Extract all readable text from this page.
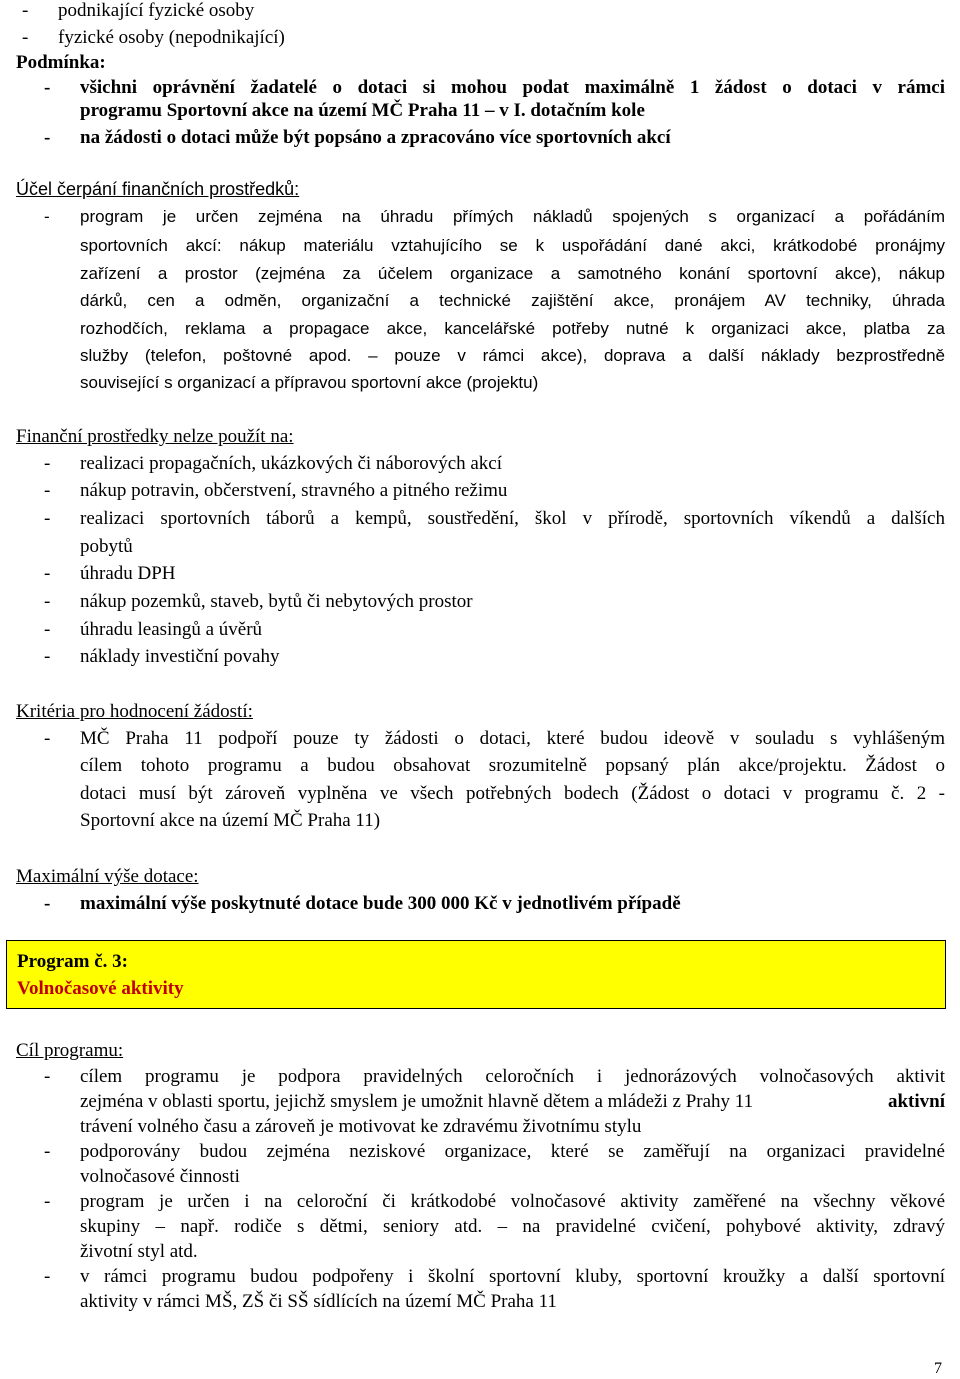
- podnikající fyzické osoby
- fyzické osoby (nepodnikající)
Podmínka:
- všichni oprávnění žadatelé o dotaci si mohou podat maximálně 1 žádost o dotaci v rámci
programu Sportovní akce na území MČ Praha 11 – v I. dotačním kole
- na žádosti o dotaci může být popsáno a zpracováno více sportovních akcí
Účel čerpání finančních prostředků:
- program je určen zejména na úhradu přímých nákladů spojených s organizací a pořádáním
sportovních akcí: nákup materiálu vztahujícího se k uspořádání dané akci, krátkodobé pronájmy
zařízení a prostor (zejména za účelem organizace a samotného konání sportovní akce), nákup
dárků, cen a odměn, organizační a technické zajištění akce, pronájem AV techniky, úhrada
rozhodčích, reklama a propagace akce, kancelářské potřeby nutné k organizaci akce, platba za
služby (telefon, poštovné apod. – pouze v rámci akce), doprava a další náklady bezprostředně
související s organizací a přípravou sportovní akce (projektu)
Finanční prostředky nelze použít na:
- realizaci propagačních, ukázkových či náborových akcí
- nákup potravin, občerstvení, stravného a pitného režimu
- realizaci sportovních táborů a kempů, soustředění, škol v přírodě, sportovních víkendů a dalších
pobytů
- úhradu DPH
- nákup pozemků, staveb, bytů či nebytových prostor
- úhradu leasingů a úvěrů
- náklady investiční povahy
Kritéria pro hodnocení žádostí:
- MČ Praha 11 podpoří pouze ty žádosti o dotaci, které budou ideově v souladu s vyhlášeným
cílem tohoto programu a budou obsahovat srozumitelně popsaný plán akce/projektu. Žádost o
dotaci musí být zároveň vyplněna ve všech potřebných bodech (Žádost o dotaci v programu č. 2 -
Sportovní akce na území MČ Praha 11)
Maximální výše dotace:
- maximální výše poskytnuté dotace bude 300 000 Kč v jednotlivém případě
Program č. 3:
Volnočasové aktivity
Cíl programu:
- cílem programu je podpora pravidelných celoročních i jednorázových volnočasových aktivit
zejména v oblasti sportu, jejichž smyslem je umožnit hlavně dětem a mládeži z Prahy 11	aktivní
trávení volného času a zároveň je motivovat ke zdravému životnímu stylu
- podporovány budou zejména neziskové organizace, které se zaměřují na organizaci pravidelné
volnočasové činnosti
- program je určen i na celoroční či krátkodobé volnočasové aktivity zaměřené na všechny věkové
skupiny – např. rodiče s dětmi, seniory atd. – na pravidelné cvičení, pohybové aktivity, zdravý
životní styl atd.
- v rámci programu budou podpořeny i školní sportovní kluby, sportovní kroužky a další sportovní
aktivity v rámci MŠ, ZŠ či SŠ sídlících na území MČ Praha 11
7
